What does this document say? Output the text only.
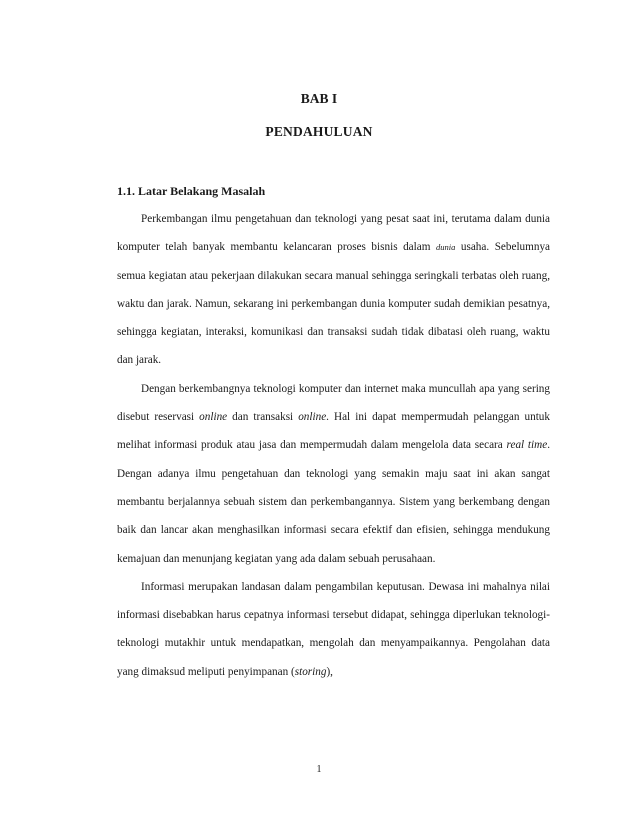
BAB I
PENDAHULUAN
1.1. Latar Belakang Masalah

Perkembangan ilmu pengetahuan dan teknologi yang pesat saat ini, terutama dalam dunia komputer telah banyak membantu kelancaran proses bisnis dalam dunia usaha. Sebelumnya semua kegiatan atau pekerjaan dilakukan secara manual sehingga seringkali terbatas oleh ruang, waktu dan jarak. Namun, sekarang ini perkembangan dunia komputer sudah demikian pesatnya, sehingga kegiatan, interaksi, komunikasi dan transaksi sudah tidak dibatasi oleh ruang, waktu dan jarak.

Dengan berkembangnya teknologi komputer dan internet maka muncullah apa yang sering disebut reservasi online dan transaksi online. Hal ini dapat mempermudah pelanggan untuk melihat informasi produk atau jasa dan mempermudah dalam mengelola data secara real time. Dengan adanya ilmu pengetahuan dan teknologi yang semakin maju saat ini akan sangat membantu berjalannya sebuah sistem dan perkembangannya. Sistem yang berkembang dengan baik dan lancar akan menghasilkan informasi secara efektif dan efisien, sehingga mendukung kemajuan dan menunjang kegiatan yang ada dalam sebuah perusahaan.

Informasi merupakan landasan dalam pengambilan keputusan. Dewasa ini mahalnya nilai informasi disebabkan harus cepatnya informasi tersebut didapat, sehingga diperlukan teknologi-teknologi mutakhir untuk mendapatkan, mengolah dan menyampaikannya. Pengolahan data yang dimaksud meliputi penyimpanan (storing),

1
